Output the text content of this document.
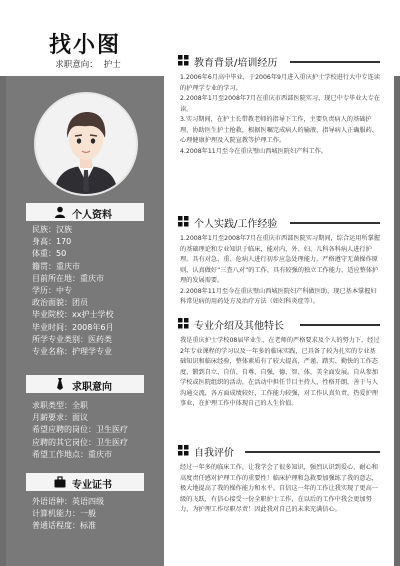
找小图
求职意向： 护士
个人资料
民族：汉族
身高：170
体重：50
籍贯：重庆市
目前所在地：重庆市
学历：中专
政治面貌：团员
毕业院校：xx护士学校
毕业时间：2008年6月
所学专业类别：医药类
专业名称：护理学专业
求职意向
求职类型：全职
月薪要求：面议
希望应聘的岗位：卫生医疗
应聘的其它岗位：卫生医疗
希望工作地点：重庆市
专业证书
外语语种：英语四级
计算机能力：一般
普通话程度：标准
教育背景/培训经历

1.2006年6月高中毕业，于2006年9月进入重庆护士学校进行大中专连读的护理学专业的学习。

2.2008年1月至2008年7月在重庆市西部医院实习，现已中专毕业大专在读。

3.实习期间，在护士长带教老师的指导下工作，主要负责病人的基础护理，协助医生护士抢救，根据医嘱完成病人的输液、指导病人正确服药、心理健康护理及入院宣教等护理工作。

4.2008年11月至今在重庆璧山西城医院妇产科工作。

个人实践/工作经验

1.2008年1月至2008年7月在重庆市西部医院实习期间，综合运用所掌握的基础理论和专业知识于临床，能对内、外、妇、儿科各科病人进行护理。具有对急、重、危病人进行初步应急处理能力。严格遵守无菌操作原则，认真做好“三查八对”的工作，具有较强的独立工作能力，适应整体护理的发展需要。

2.2008年11月至今在重庆璧山西城医院妇产科做医助，现已基本掌握妇科常见病的用药处方及治疗方法（如妇科炎症等）。

专业介绍及其他特长

我是重庆护士学校08届毕业生，在老师的严格要求及个人的努力下，经过2年专业课程的学习以及一年多的临床实践，已具备了较为扎实的专业基础知识和临床经验，整体素质有了较大提高，严谨、踏实、勤快的工作态度，锻到自立、自信、自尊、自强，德、智、体、美全面发展。自从参加学校或医院组织的活动，在活动中担任节目主持人，性格开朗，善于与人沟通交流，各方面成绩较好，工作能力较强，对工作认真负责，热爱护理事业，在护理工作中体现自己的人生价值。

自我评价

经过一年多的临床工作，让我学会了很多知识，强烈认识到爱心、耐心和高度责任感对护理工作的重要性！临床护理和急救要加强练了我的意志，极大地提高了我的操作能力和水平。自信这一年的工作让我实现了更高一级的飞跃，有信心接受一份全职护士工作，在以后的工作中我会更加努力，为护理工作尽职尽责！因此我对自己的未来充满信心。
